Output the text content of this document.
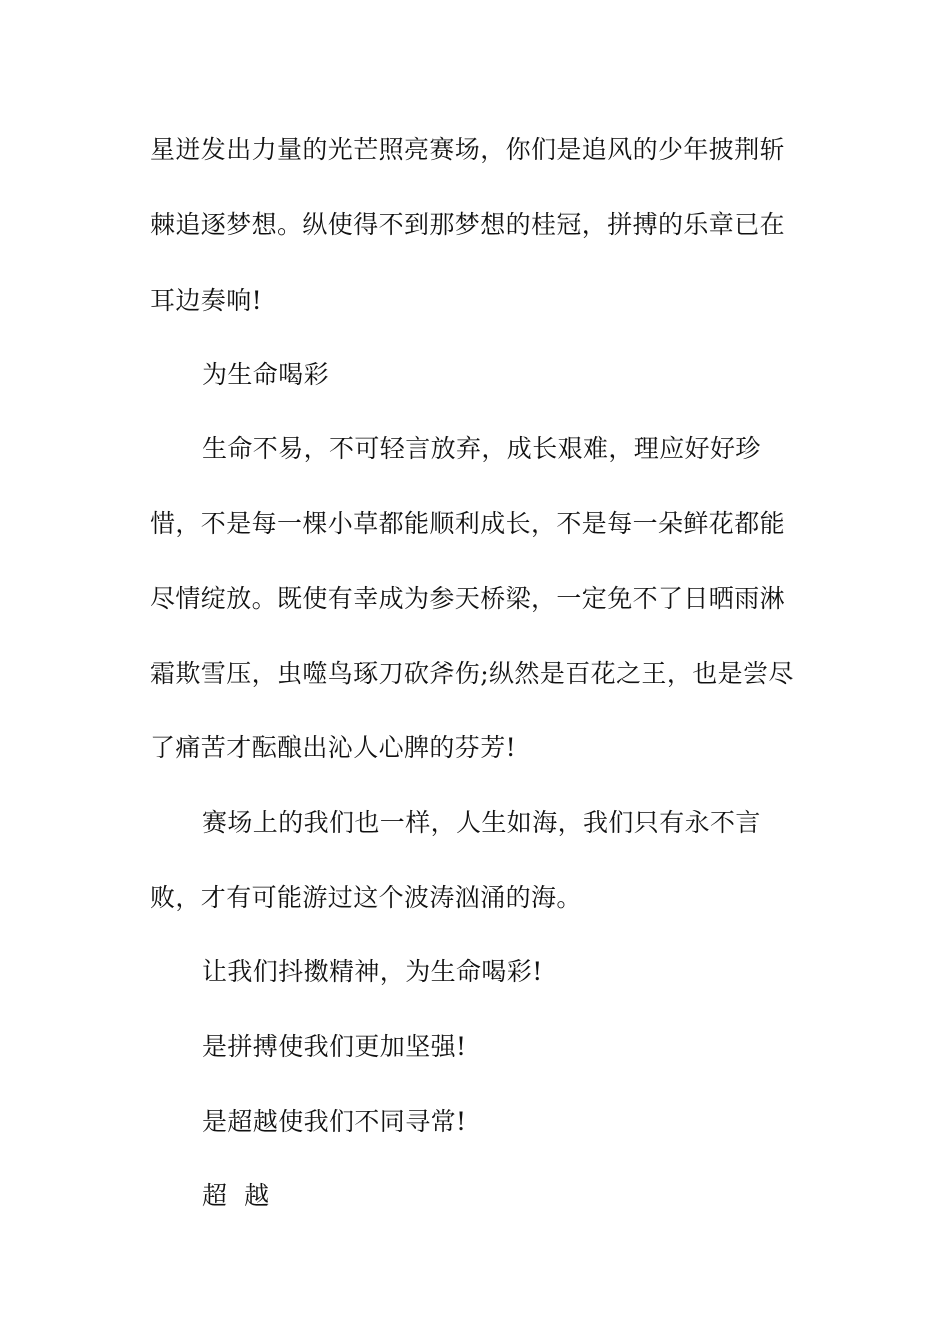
星迸发出力量的光芒照亮赛场，你们是追风的少年披荆斩
棘追逐梦想。纵使得不到那梦想的桂冠，拼搏的乐章已在
耳边奏响!
为生命喝彩
生命不易，不可轻言放弃，成长艰难，理应好好珍
惜，不是每一棵小草都能顺利成长，不是每一朵鲜花都能
尽情绽放。既使有幸成为参天桥梁，一定免不了日晒雨淋
霜欺雪压，虫噬鸟琢刀砍斧伤;纵然是百花之王，也是尝尽
了痛苦才酝酿出沁人心脾的芬芳!
赛场上的我们也一样，人生如海，我们只有永不言
败，才有可能游过这个波涛汹涌的海。
让我们抖擞精神，为生命喝彩!
是拼搏使我们更加坚强!
是超越使我们不同寻常!
超  越
